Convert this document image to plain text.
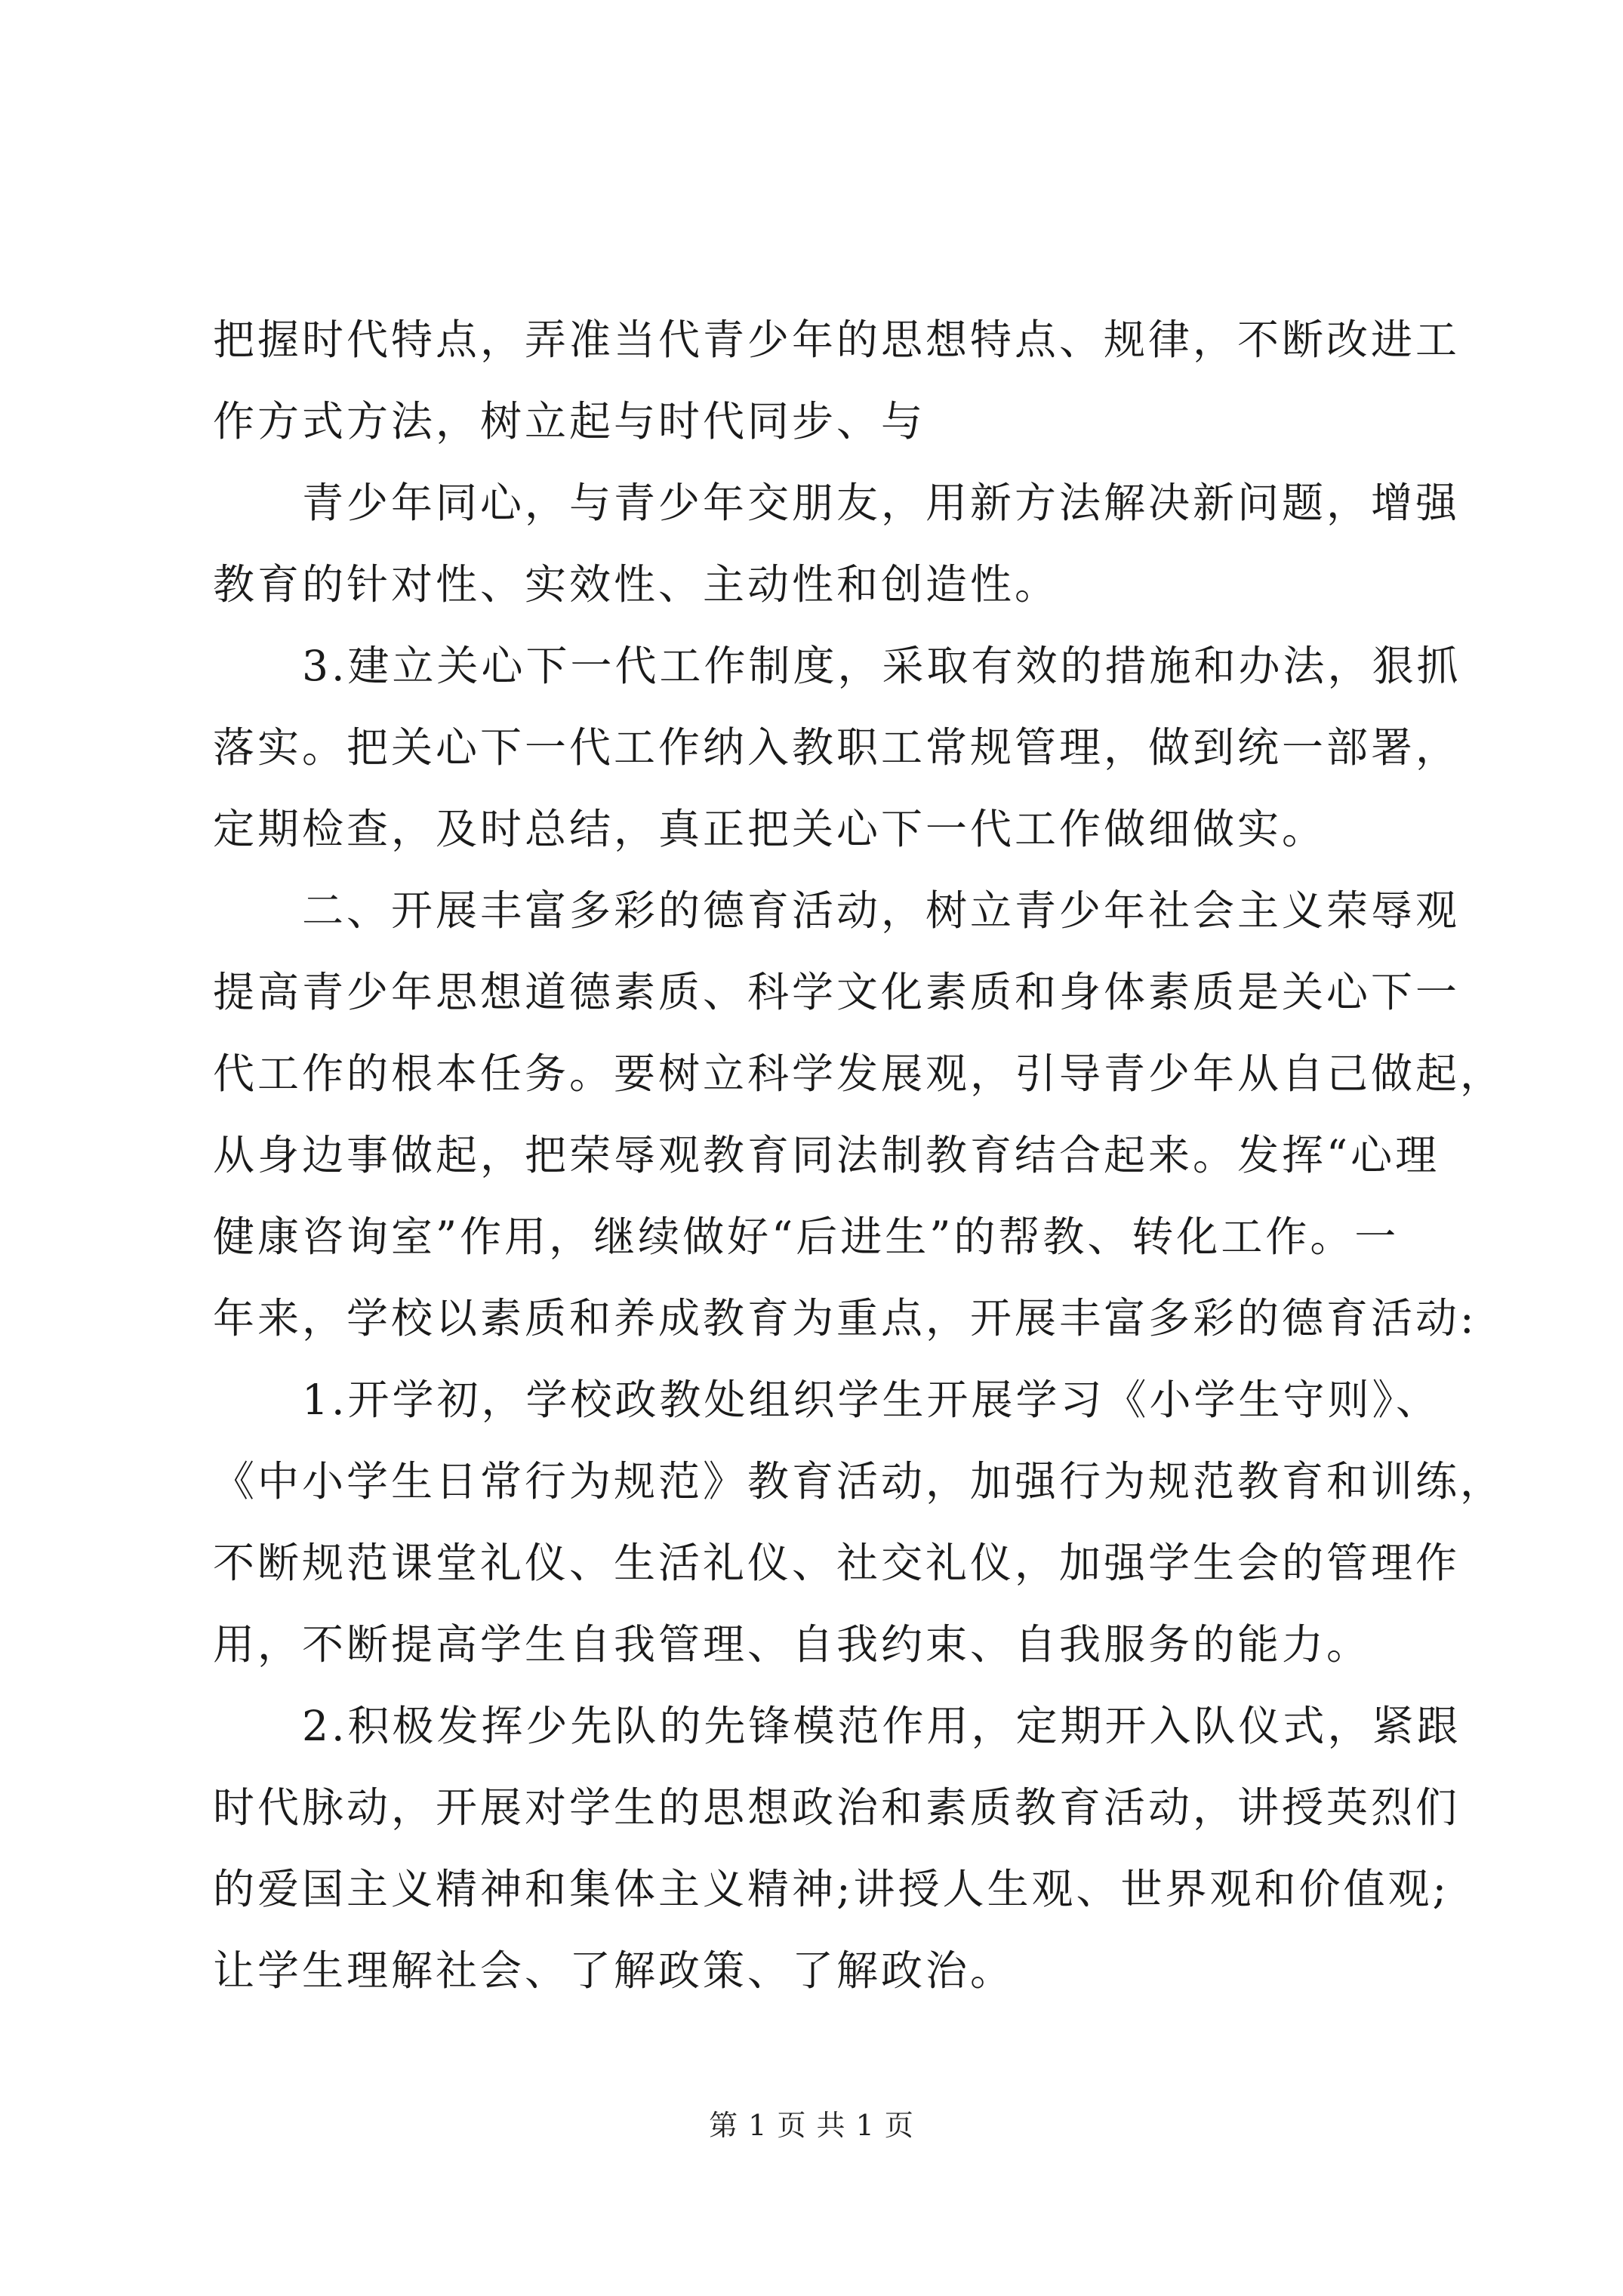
把握时代特点，弄准当代青少年的思想特点、规律，不断改进工
作方式方法，树立起与时代同步、与
青少年同心，与青少年交朋友，用新方法解决新问题，增强
教育的针对性、实效性、主动性和创造性。
3.建立关心下一代工作制度，采取有效的措施和办法，狠抓
落实。把关心下一代工作纳入教职工常规管理，做到统一部署，
定期检查，及时总结，真正把关心下一代工作做细做实。
二、开展丰富多彩的德育活动，树立青少年社会主义荣辱观
提高青少年思想道德素质、科学文化素质和身体素质是关心下一
代工作的根本任务。要树立科学发展观，引导青少年从自己做起，
从身边事做起，把荣辱观教育同法制教育结合起来。发挥“心理
健康咨询室”作用，继续做好“后进生”的帮教、转化工作。一
年来，学校以素质和养成教育为重点，开展丰富多彩的德育活动:
1.开学初，学校政教处组织学生开展学习《小学生守则》、
《中小学生日常行为规范》教育活动，加强行为规范教育和训练，
不断规范课堂礼仪、生活礼仪、社交礼仪，加强学生会的管理作
用，不断提高学生自我管理、自我约束、自我服务的能力。
2.积极发挥少先队的先锋模范作用，定期开入队仪式，紧跟
时代脉动，开展对学生的思想政治和素质教育活动，讲授英烈们
的爱国主义精神和集体主义精神;讲授人生观、世界观和价值观;
让学生理解社会、了解政策、了解政治。
第 1 页 共 1 页
